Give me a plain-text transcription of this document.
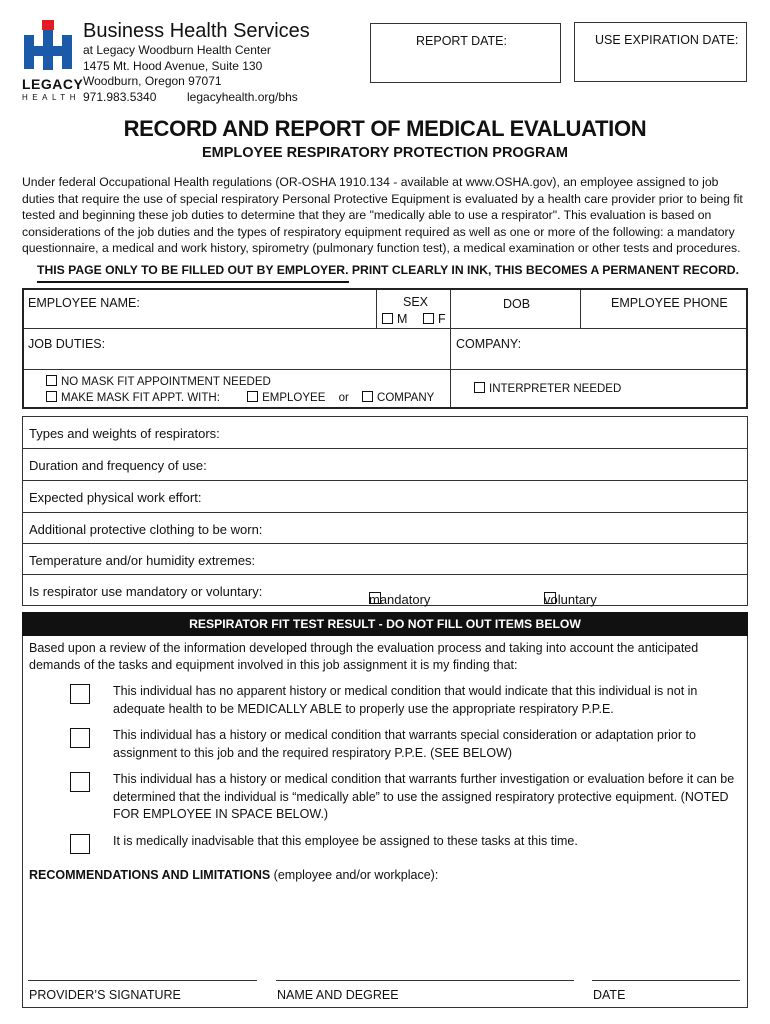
LEGACY
HEALTH
Business Health Services
at Legacy Woodburn Health Center
1475 Mt. Hood Avenue, Suite 130
Woodburn, Oregon 97071
971.983.5340	legacyhealth.org/bhs
REPORT DATE:	USE EXPIRATION DATE:
RECORD AND REPORT OF MEDICAL EVALUATION
EMPLOYEE RESPIRATORY PROTECTION PROGRAM
Under federal Occupational Health regulations (OR-OSHA 1910.134 - available at www.OSHA.gov), an employee assigned to job duties that require the use of special respiratory Personal Protective Equipment is evaluated by a health care provider prior to being fit tested and beginning these job duties to determine that they are "medically able to use a respirator". This evaluation is based on considerations of the job duties and the types of respiratory equipment required as well as one or more of the following: a mandatory questionnaire, a medical and work history, spirometry (pulmonary function test), a medical examination or other tests and procedures.
THIS PAGE ONLY TO BE FILLED OUT BY EMPLOYER. PRINT CLEARLY IN INK, THIS BECOMES A PERMANENT RECORD.
EMPLOYEE NAME:	SEX
M	F
DOB	EMPLOYEE PHONE
JOB DUTIES:	COMPANY:
NO MASK FIT APPOINTMENT NEEDED
MAKE MASK FIT APPT. WITH:	EMPLOYEE or COMPANY
INTERPRETER NEEDED
Types and weights of respirators:
Duration and frequency of use:
Expected physical work effort:
Additional protective clothing to be worn:
Temperature and/or humidity extremes:
Is respirator use mandatory or voluntary:
mandatory	voluntary
RESPIRATOR FIT TEST RESULT - DO NOT FILL OUT ITEMS BELOW
Based upon a review of the information developed through the evaluation process and taking into account the anticipated demands of the tasks and equipment involved in this job assignment it is my finding that:
This individual has no apparent history or medical condition that would indicate that this individual is not in adequate health to be MEDICALLY ABLE to properly use the appropriate respiratory P.P.E.
This individual has a history or medical condition that warrants special consideration or adaptation prior to assignment to this job and the required respiratory P.P.E. (SEE BELOW)
This individual has a history or medical condition that warrants further investigation or evaluation before it can be determined that the individual is “medically able” to use the assigned respiratory protective equipment. (NOTED FOR EMPLOYEE IN SPACE BELOW.)
It is medically inadvisable that this employee be assigned to these tasks at this time.
RECOMMENDATIONS AND LIMITATIONS (employee and/or workplace):
PROVIDER’S SIGNATURE	NAME AND DEGREE	DATE
